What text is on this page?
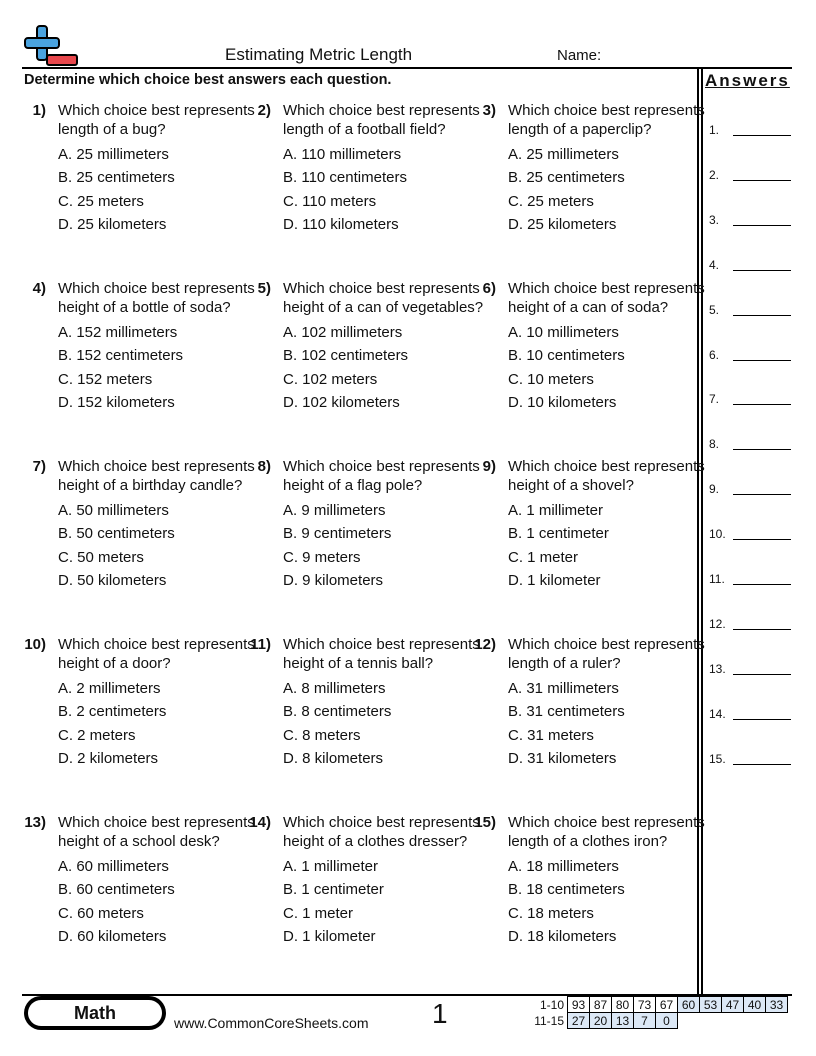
Estimating Metric Length	Name:
Determine which choice best answers each question.	Answers
1) Which choice best represents length of a bug?
A. 25 millimeters
B. 25 centimeters
C. 25 meters
D. 25 kilometers
2) Which choice best represents length of a football field?
A. 110 millimeters
B. 110 centimeters
C. 110 meters
D. 110 kilometers
3) Which choice best represents length of a paperclip?
A. 25 millimeters
B. 25 centimeters
C. 25 meters
D. 25 kilometers
4) Which choice best represents height of a bottle of soda?
A. 152 millimeters
B. 152 centimeters
C. 152 meters
D. 152 kilometers
5) Which choice best represents height of a can of vegetables?
A. 102 millimeters
B. 102 centimeters
C. 102 meters
D. 102 kilometers
6) Which choice best represents height of a can of soda?
A. 10 millimeters
B. 10 centimeters
C. 10 meters
D. 10 kilometers
7) Which choice best represents height of a birthday candle?
A. 50 millimeters
B. 50 centimeters
C. 50 meters
D. 50 kilometers
8) Which choice best represents height of a flag pole?
A. 9 millimeters
B. 9 centimeters
C. 9 meters
D. 9 kilometers
9) Which choice best represents height of a shovel?
A. 1 millimeter
B. 1 centimeter
C. 1 meter
D. 1 kilometer
10) Which choice best represents height of a door?
A. 2 millimeters
B. 2 centimeters
C. 2 meters
D. 2 kilometers
11) Which choice best represents height of a tennis ball?
A. 8 millimeters
B. 8 centimeters
C. 8 meters
D. 8 kilometers
12) Which choice best represents length of a ruler?
A. 31 millimeters
B. 31 centimeters
C. 31 meters
D. 31 kilometers
13) Which choice best represents height of a school desk?
A. 60 millimeters
B. 60 centimeters
C. 60 meters
D. 60 kilometers
14) Which choice best represents height of a clothes dresser?
A. 1 millimeter
B. 1 centimeter
C. 1 meter
D. 1 kilometer
15) Which choice best represents length of a clothes iron?
A. 18 millimeters
B. 18 centimeters
C. 18 meters
D. 18 kilometers
1.
2.
3.
4.
5.
6.
7.
8.
9.
10.
11.
12.
13.
14.
15.
Math	www.CommonCoreSheets.com 1	1-10	93	87	80	73	67	60	53	47	40	33
11-15	27	20	13	7	0					
